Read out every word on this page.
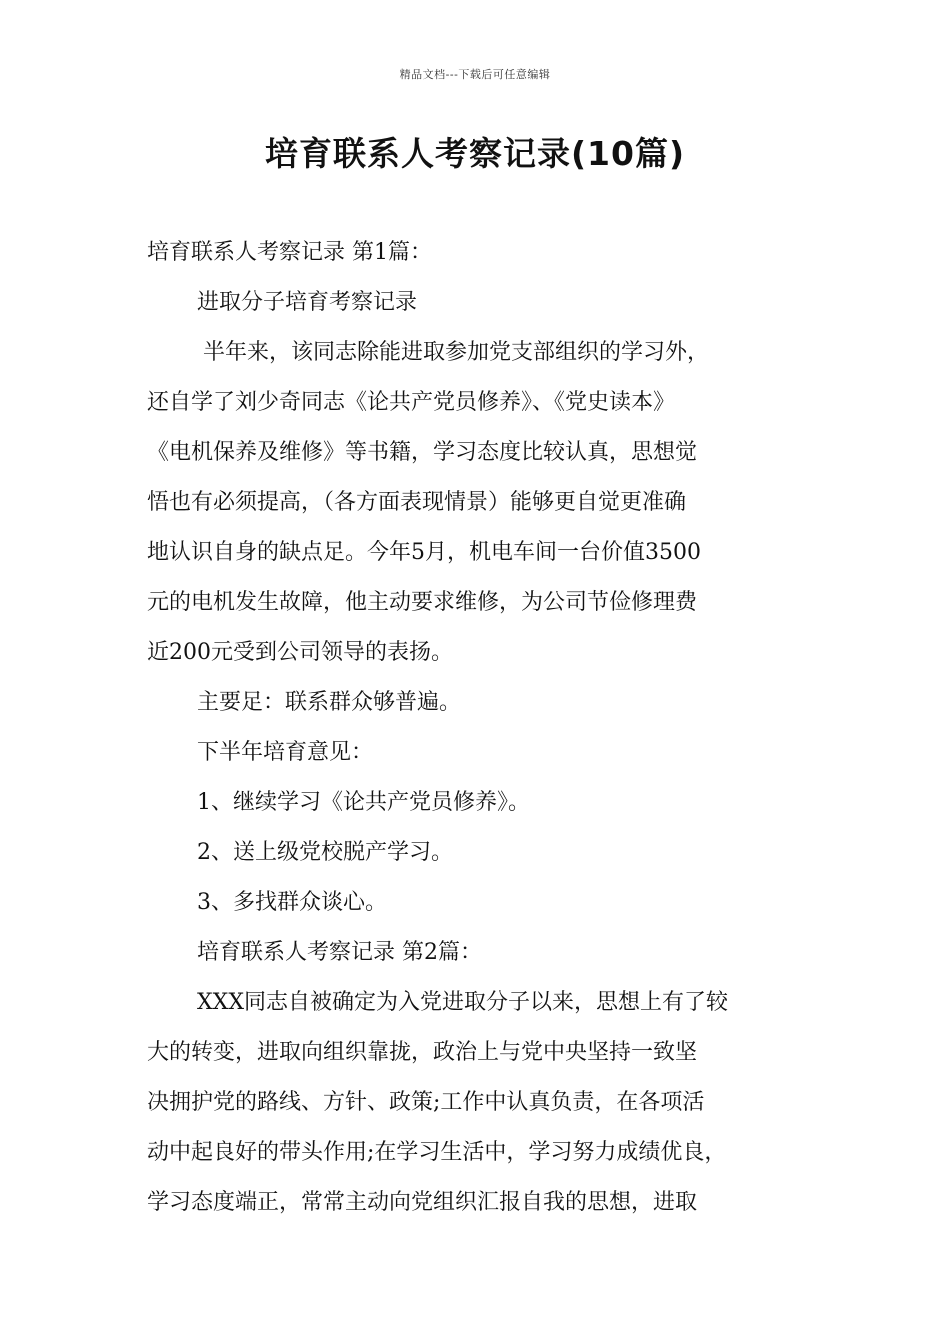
精品文档---下载后可任意编辑
培育联系人考察记录(10篇)

培育联系人考察记录 第1篇：

进取分子培育考察记录

半年来，该同志除能进取参加党支部组织的学习外，

还自学了刘少奇同志《论共产党员修养》、《党史读本》

《电机保养及维修》等书籍，学习态度比较认真，思想觉

悟也有必须提高，（各方面表现情景）能够更自觉更准确

地认识自身的缺点足。今年5月，机电车间一台价值3500

元的电机发生故障，他主动要求维修，为公司节俭修理费

近200元受到公司领导的表扬。

主要足：联系群众够普遍。

下半年培育意见：

1、继续学习《论共产党员修养》。

2、送上级党校脱产学习。

3、多找群众谈心。

培育联系人考察记录 第2篇：

XXX同志自被确定为入党进取分子以来，思想上有了较

大的转变，进取向组织靠拢，政治上与党中央坚持一致坚

决拥护党的路线、方针、政策;工作中认真负责，在各项活

动中起良好的带头作用;在学习生活中，学习努力成绩优良，

学习态度端正，常常主动向党组织汇报自我的思想，进取
